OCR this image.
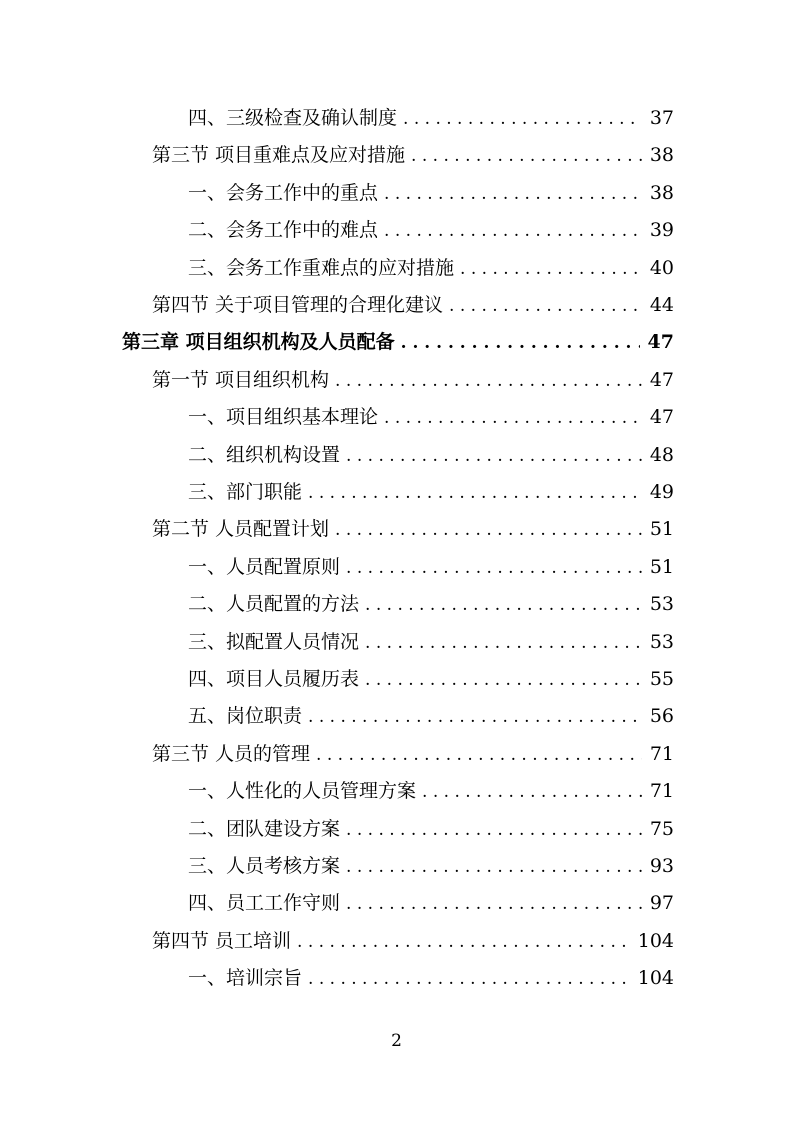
四、三级检查及确认制度 . . .	37
第三节 项目重难点及应对措施 . . .	38
一、会务工作中的重点 . . .	38
二、会务工作中的难点 . . .	39
三、会务工作重难点的应对措施 . . .	40
第四节 关于项目管理的合理化建议 . . .	44
第三章 项目组织机构及人员配备 . . .	47
第一节 项目组织机构 . . .	47
一、项目组织基本理论 . . .	47
二、组织机构设置 . . .	48
三、部门职能 . . .	49
第二节 人员配置计划 . . .	51
一、人员配置原则 . . .	51
二、人员配置的方法 . . .	53
三、拟配置人员情况 . . .	53
四、项目人员履历表 . . .	55
五、岗位职责 . . .	56
第三节 人员的管理 . . .	71
一、人性化的人员管理方案 . . .	71
二、团队建设方案 . . .	75
三、人员考核方案 . . .	93
四、员工工作守则 . . .	97
第四节 员工培训 . . .	104
一、培训宗旨 . . .	104
2
